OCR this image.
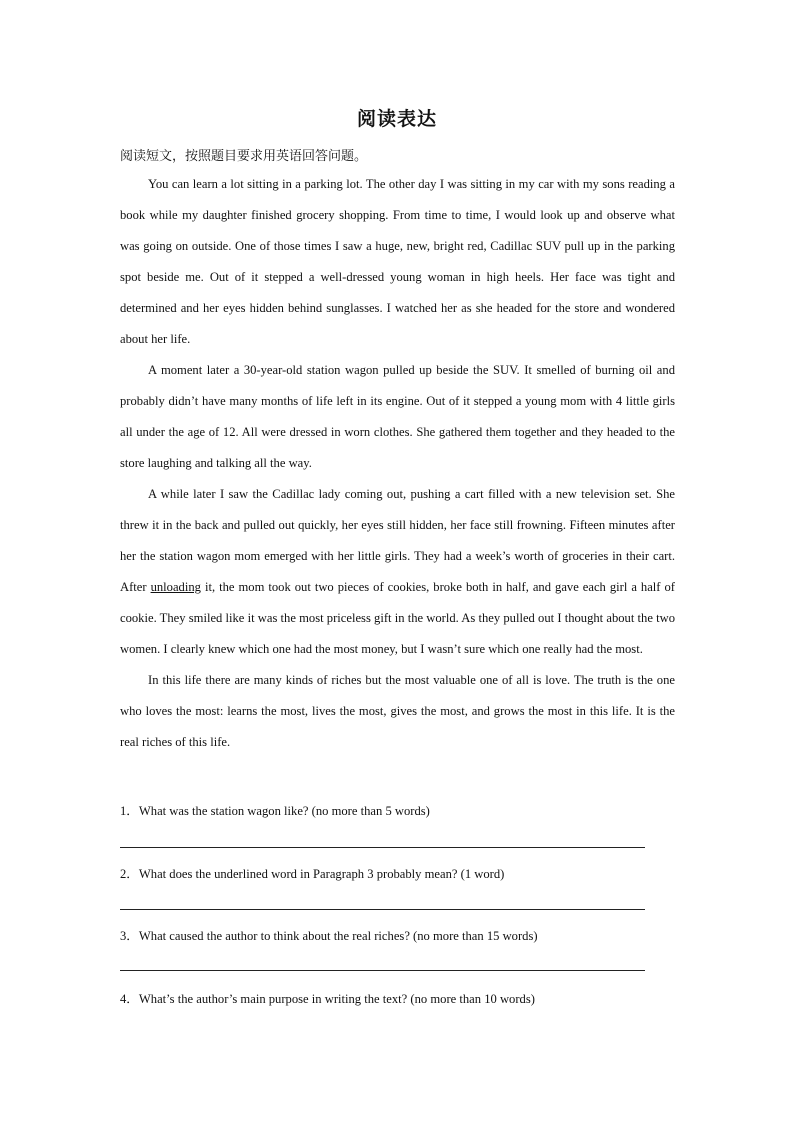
阅读表达
阅读短文，按照题目要求用英语回答问题。

You can learn a lot sitting in a parking lot. The other day I was sitting in my car with my sons reading a book while my daughter finished grocery shopping. From time to time, I would look up and observe what was going on outside. One of those times I saw a huge, new, bright red, Cadillac SUV pull up in the parking spot beside me. Out of it stepped a well-dressed young woman in high heels. Her face was tight and determined and her eyes hidden behind sunglasses. I watched her as she headed for the store and wondered about her life.

A moment later a 30-year-old station wagon pulled up beside the SUV. It smelled of burning oil and probably didn’t have many months of life left in its engine. Out of it stepped a young mom with 4 little girls all under the age of 12. All were dressed in worn clothes. She gathered them together and they headed to the store laughing and talking all the way.

A while later I saw the Cadillac lady coming out, pushing a cart filled with a new television set. She threw it in the back and pulled out quickly, her eyes still hidden, her face still frowning. Fifteen minutes after her the station wagon mom emerged with her little girls. They had a week’s worth of groceries in their cart. After unloading it, the mom took out two pieces of cookies, broke both in half, and gave each girl a half of cookie. They smiled like it was the most priceless gift in the world. As they pulled out I thought about the two women. I clearly knew which one had the most money, but I wasn’t sure which one really had the most.

In this life there are many kinds of riches but the most valuable one of all is love. The truth is the one who loves the most: learns the most, lives the most, gives the most, and grows the most in this life. It is the real riches of this life.

1．What was the station wagon like? (no more than 5 words)
2．What does the underlined word in Paragraph 3 probably mean? (1 word)
3．What caused the author to think about the real riches? (no more than 15 words)
4．What’s the author’s main purpose in writing the text? (no more than 10 words)
